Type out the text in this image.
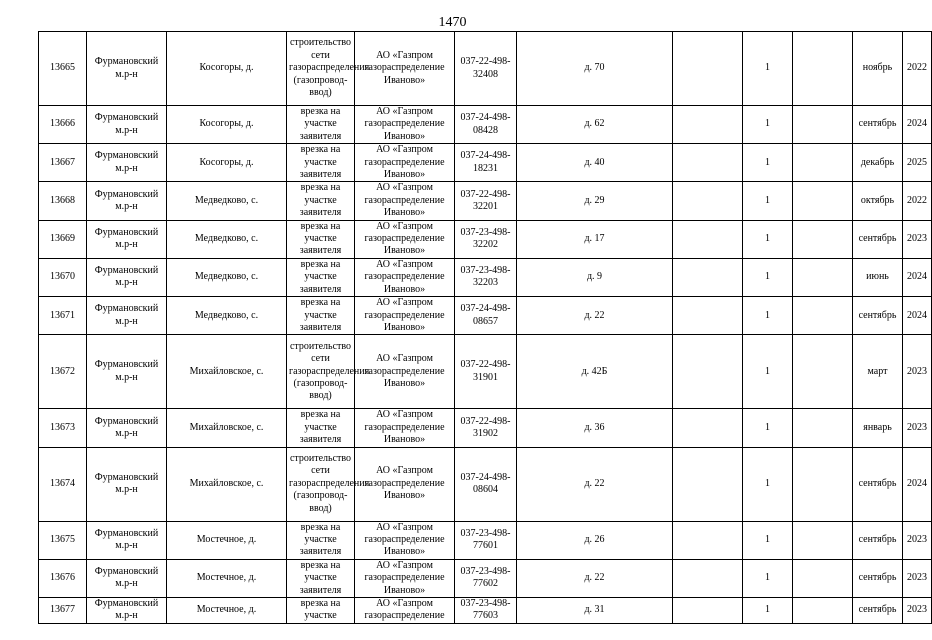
1470
13665	Фурмановский м.р-н	Косогоры, д.	строительство сети газораспределения (газопровод-ввод)	АО «Газпром газораспределение Иваново»	037-22-498-32408	д. 70		1		ноябрь	2022
13666	Фурмановский м.р-н	Косогоры, д.	врезка на участке заявителя	АО «Газпром газораспределение Иваново»	037-24-498-08428	д. 62		1		сентябрь	2024
13667	Фурмановский м.р-н	Косогоры, д.	врезка на участке заявителя	АО «Газпром газораспределение Иваново»	037-24-498-18231	д. 40		1		декабрь	2025
13668	Фурмановский м.р-н	Медведково, с.	врезка на участке заявителя	АО «Газпром газораспределение Иваново»	037-22-498-32201	д. 29		1		октябрь	2022
13669	Фурмановский м.р-н	Медведково, с.	врезка на участке заявителя	АО «Газпром газораспределение Иваново»	037-23-498-32202	д. 17		1		сентябрь	2023
13670	Фурмановский м.р-н	Медведково, с.	врезка на участке заявителя	АО «Газпром газораспределение Иваново»	037-23-498-32203	д. 9		1		июнь	2024
13671	Фурмановский м.р-н	Медведково, с.	врезка на участке заявителя	АО «Газпром газораспределение Иваново»	037-24-498-08657	д. 22		1		сентябрь	2024
13672	Фурмановский м.р-н	Михайловское, с.	строительство сети газораспределения (газопровод-ввод)	АО «Газпром газораспределение Иваново»	037-22-498-31901	д. 42Б		1		март	2023
13673	Фурмановский м.р-н	Михайловское, с.	врезка на участке заявителя	АО «Газпром газораспределение Иваново»	037-22-498-31902	д. 36		1		январь	2023
13674	Фурмановский м.р-н	Михайловское, с.	строительство сети газораспределения (газопровод-ввод)	АО «Газпром газораспределение Иваново»	037-24-498-08604	д. 22		1		сентябрь	2024
13675	Фурмановский м.р-н	Мостечное, д.	врезка на участке заявителя	АО «Газпром газораспределение Иваново»	037-23-498-77601	д. 26		1		сентябрь	2023
13676	Фурмановский м.р-н	Мостечное, д.	врезка на участке заявителя	АО «Газпром газораспределение Иваново»	037-23-498-77602	д. 22		1		сентябрь	2023
13677	Фурмановский м.р-н	Мостечное, д.	врезка на участке	АО «Газпром газораспределение	037-23-498-77603	д. 31		1		сентябрь	2023
